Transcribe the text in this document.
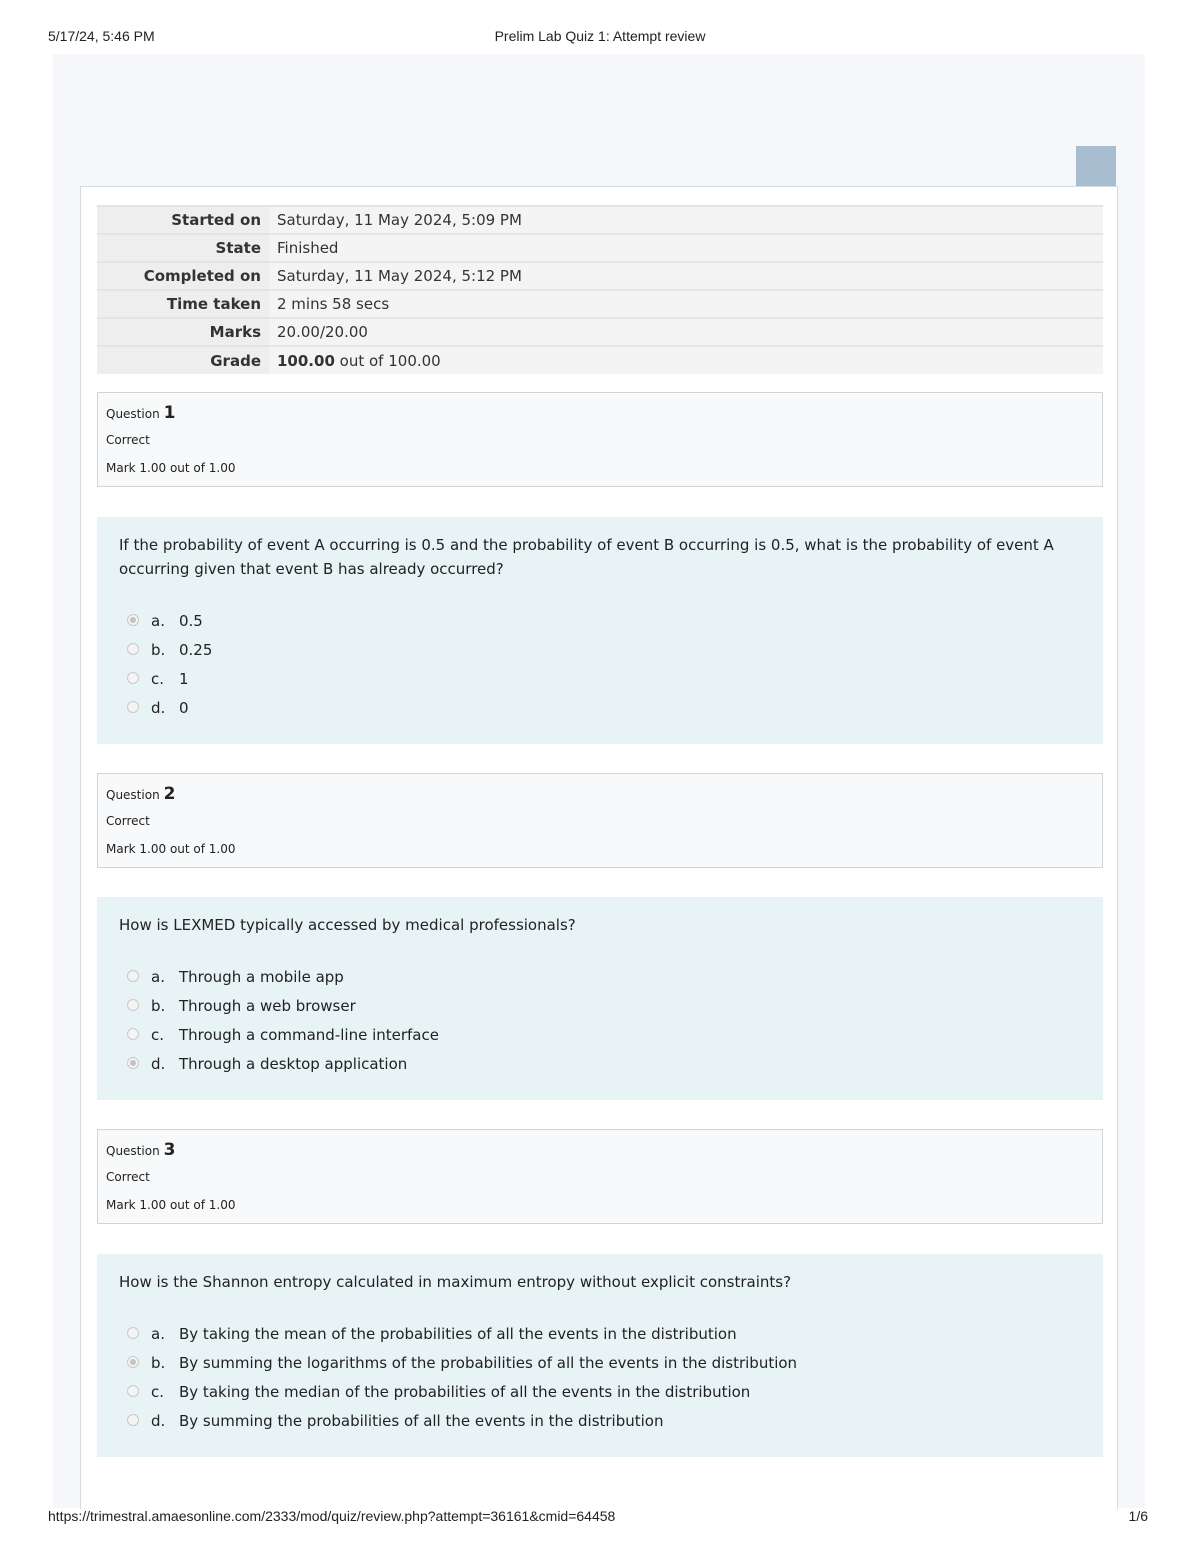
5/17/24, 5:46 PM	Prelim Lab Quiz 1: Attempt review
Started on	Saturday, 11 May 2024, 5:09 PM
State	Finished
Completed on	Saturday, 11 May 2024, 5:12 PM
Time taken	2 mins 58 secs
Marks	20.00/20.00
Grade	100.00 out of 100.00
Question 1
Correct
Mark 1.00 out of 1.00
If the probability of event A occurring is 0.5 and the probability of event B occurring is 0.5, what is the probability of event A occurring given that event B has already occurred?
a. 0.5
b. 0.25
c. 1
d. 0
Question 2
Correct
Mark 1.00 out of 1.00
How is LEXMED typically accessed by medical professionals?
a. Through a mobile app
b. Through a web browser
c. Through a command-line interface
d. Through a desktop application
Question 3
Correct
Mark 1.00 out of 1.00
How is the Shannon entropy calculated in maximum entropy without explicit constraints?
a. By taking the mean of the probabilities of all the events in the distribution
b. By summing the logarithms of the probabilities of all the events in the distribution
c. By taking the median of the probabilities of all the events in the distribution
d. By summing the probabilities of all the events in the distribution
https://trimestral.amaesonline.com/2333/mod/quiz/review.php?attempt=36161&cmid=64458	1/6
